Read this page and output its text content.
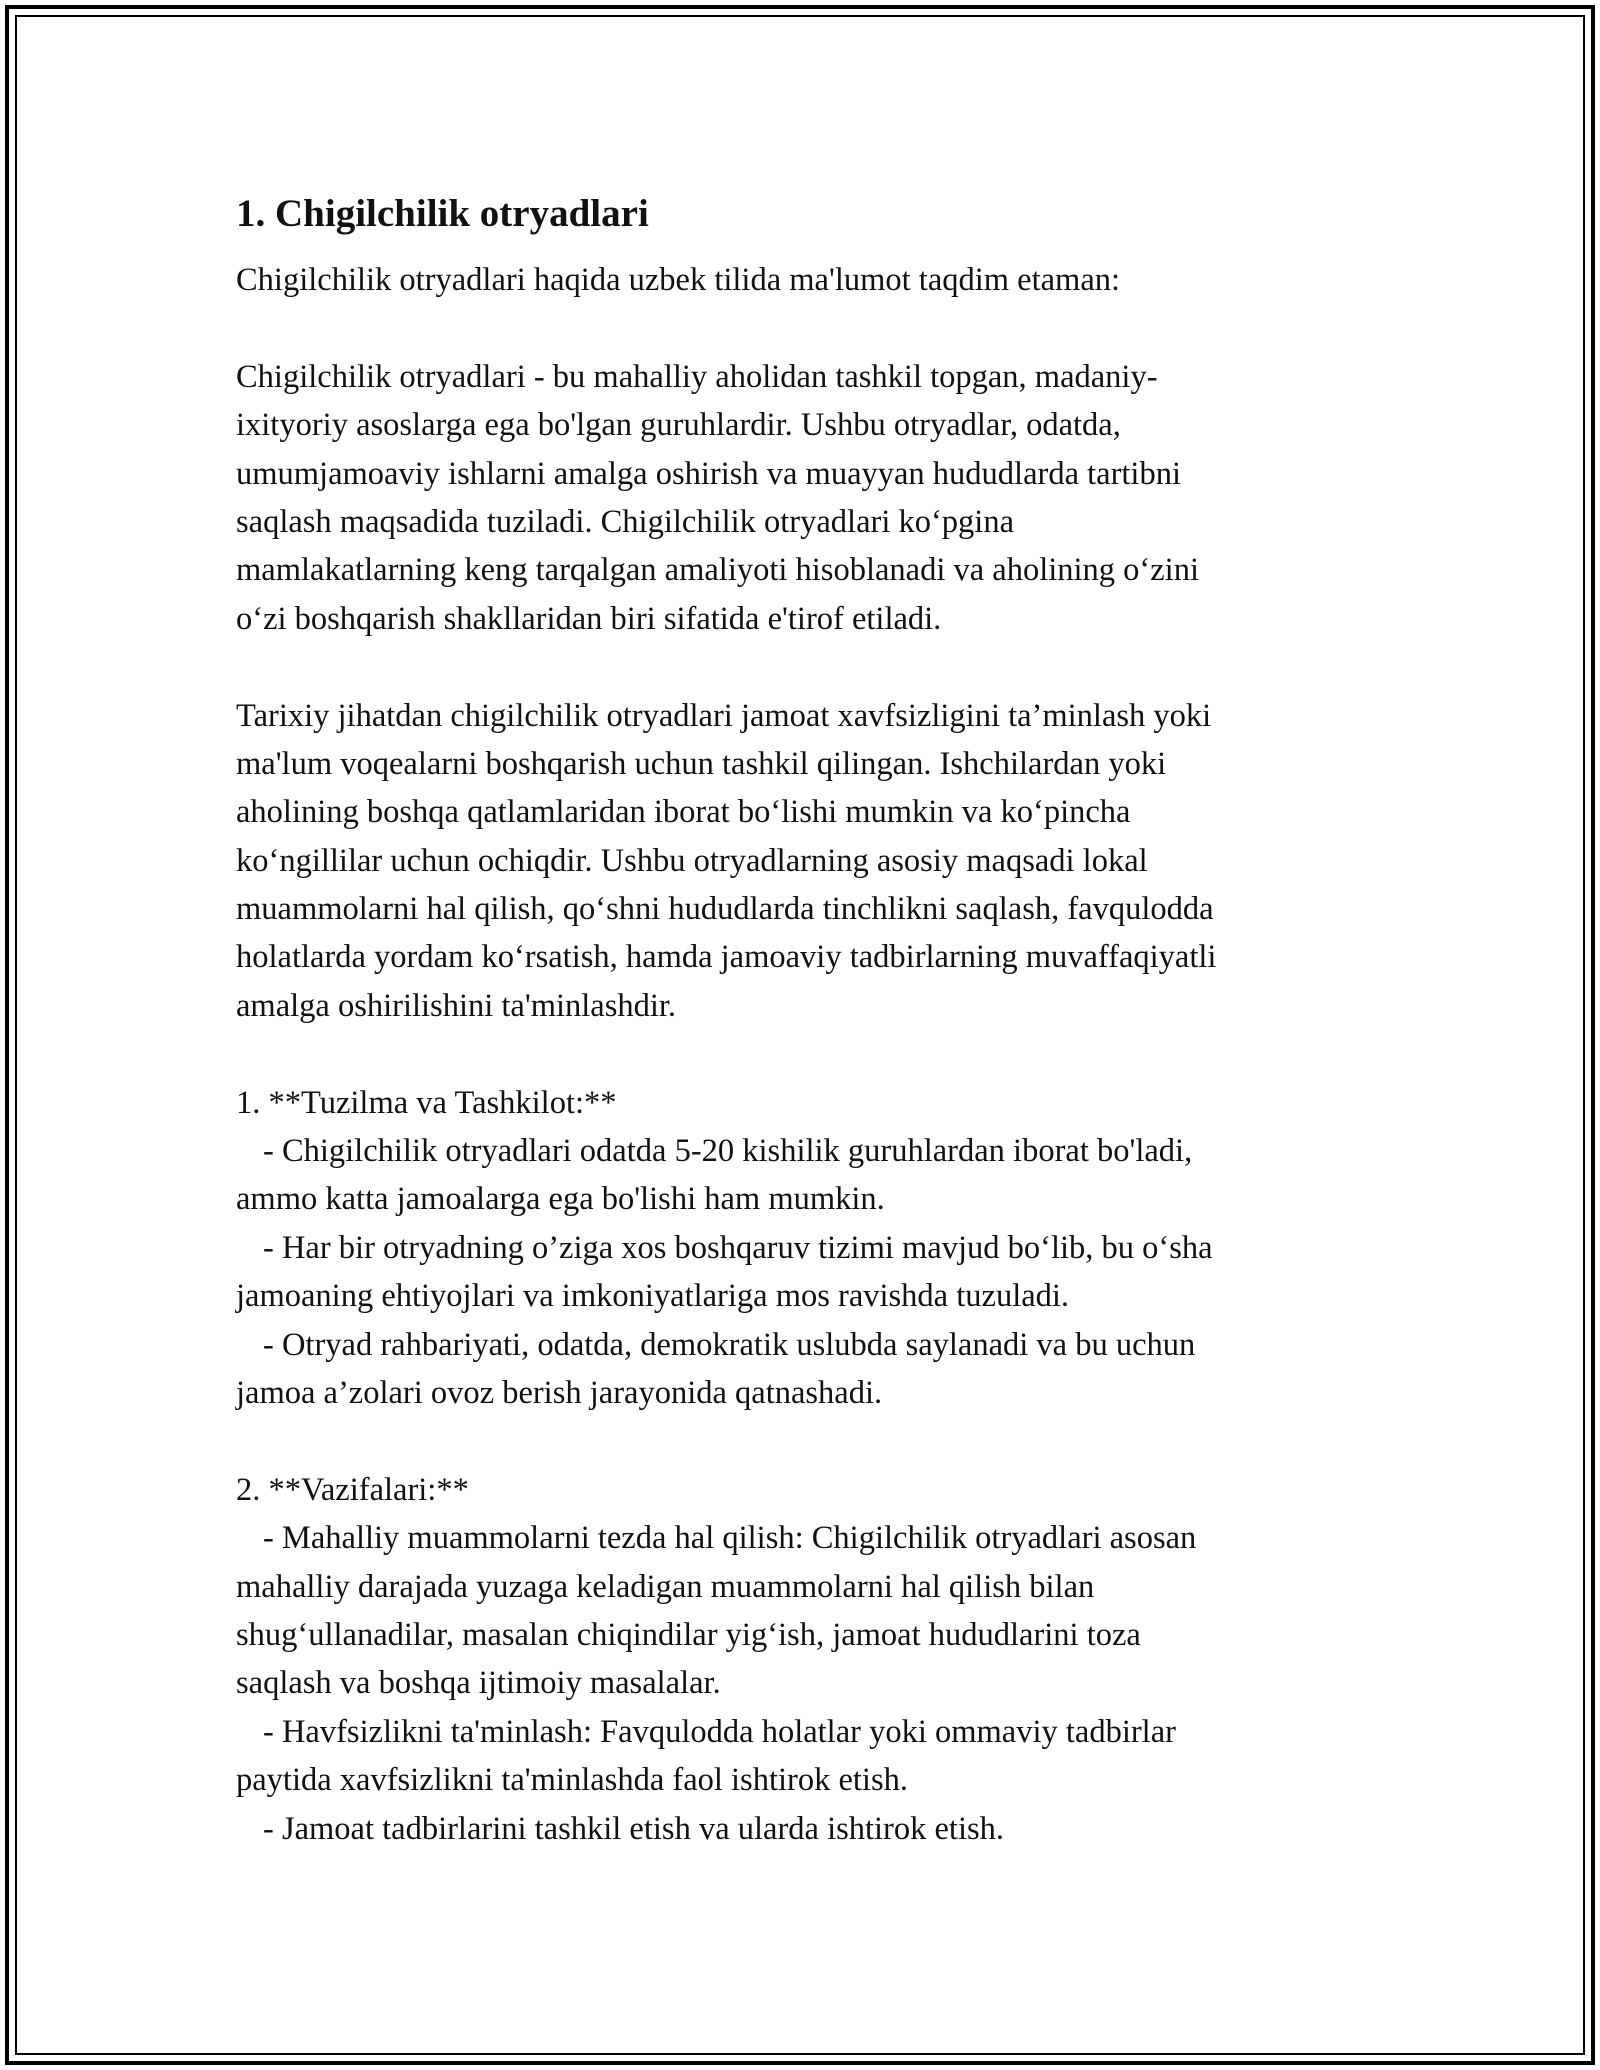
1. Chigilchilik otryadlari
Chigilchilik otryadlari haqida uzbek tilida ma'lumot taqdim etaman:
Chigilchilik otryadlari - bu mahalliy aholidan tashkil topgan, madaniy-
ixityoriy asoslarga ega bo'lgan guruhlardir. Ushbu otryadlar, odatda,
umumjamoaviy ishlarni amalga oshirish va muayyan hududlarda tartibni
saqlash maqsadida tuziladi. Chigilchilik otryadlari ko‘pgina
mamlakatlarning keng tarqalgan amaliyoti hisoblanadi va aholining o‘zini
o‘zi boshqarish shakllaridan biri sifatida e'tirof etiladi.
Tarixiy jihatdan chigilchilik otryadlari jamoat xavfsizligini ta’minlash yoki
ma'lum voqealarni boshqarish uchun tashkil qilingan. Ishchilardan yoki
aholining boshqa qatlamlaridan iborat bo‘lishi mumkin va ko‘pincha
ko‘ngillilar uchun ochiqdir. Ushbu otryadlarning asosiy maqsadi lokal
muammolarni hal qilish, qo‘shni hududlarda tinchlikni saqlash, favqulodda
holatlarda yordam ko‘rsatish, hamda jamoaviy tadbirlarning muvaffaqiyatli
amalga oshirilishini ta'minlashdir.
1. **Tuzilma va Tashkilot:**
- Chigilchilik otryadlari odatda 5-20 kishilik guruhlardan iborat bo'ladi,
ammo katta jamoalarga ega bo'lishi ham mumkin.
- Har bir otryadning o’ziga xos boshqaruv tizimi mavjud bo‘lib, bu o‘sha
jamoaning ehtiyojlari va imkoniyatlariga mos ravishda tuzuladi.
- Otryad rahbariyati, odatda, demokratik uslubda saylanadi va bu uchun
jamoa a’zolari ovoz berish jarayonida qatnashadi.
2. **Vazifalari:**
- Mahalliy muammolarni tezda hal qilish: Chigilchilik otryadlari asosan
mahalliy darajada yuzaga keladigan muammolarni hal qilish bilan
shug‘ullanadilar, masalan chiqindilar yig‘ish, jamoat hududlarini toza
saqlash va boshqa ijtimoiy masalalar.
- Havfsizlikni ta'minlash: Favqulodda holatlar yoki ommaviy tadbirlar
paytida xavfsizlikni ta'minlashda faol ishtirok etish.
- Jamoat tadbirlarini tashkil etish va ularda ishtirok etish.
